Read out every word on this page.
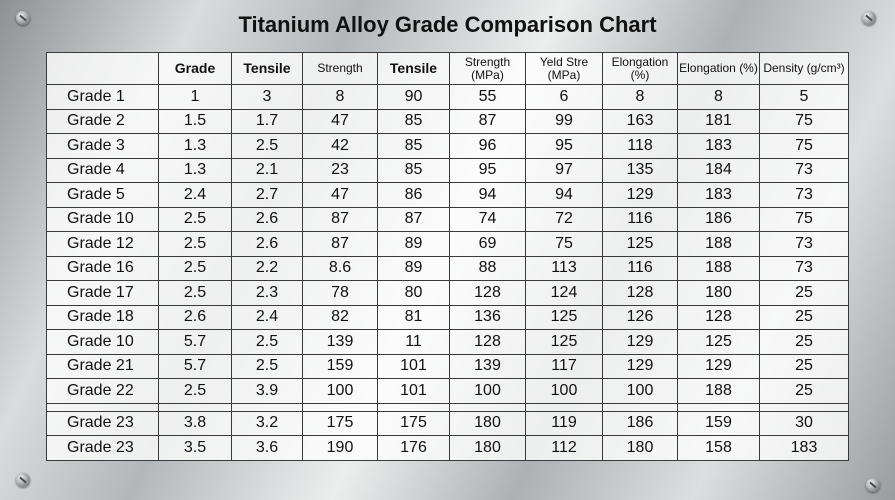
Titanium Alloy Grade Comparison Chart
	Grade	Tensile	Strength	Tensile	Strength (MPa)	Yeld Stre (MPa)	Elongation (%)	Elongation (%)	Density (g/cm³)
Grade 1	1	3	8	90	55	6	8	8	5
Grade 2	1.5	1.7	47	85	87	99	163	181	75
Grade 3	1.3	2.5	42	85	96	95	118	183	75
Grade 4	1.3	2.1	23	85	95	97	135	184	73
Grade 5	2.4	2.7	47	86	94	94	129	183	73
Grade 10	2.5	2.6	87	87	74	72	116	186	75
Grade 12	2.5	2.6	87	89	69	75	125	188	73
Grade 16	2.5	2.2	8.6	89	88	113	116	188	73
Grade 17	2.5	2.3	78	80	128	124	128	180	25
Grade 18	2.6	2.4	82	81	136	125	126	128	25
Grade 10	5.7	2.5	139	11	128	125	129	125	25
Grade 21	5.7	2.5	159	101	139	117	129	129	25
Grade 22	2.5	3.9	100	101	100	100	100	188	25

Grade 23	3.8	3.2	175	175	180	119	186	159	30
Grade 23	3.5	3.6	190	176	180	112	180	158	183
